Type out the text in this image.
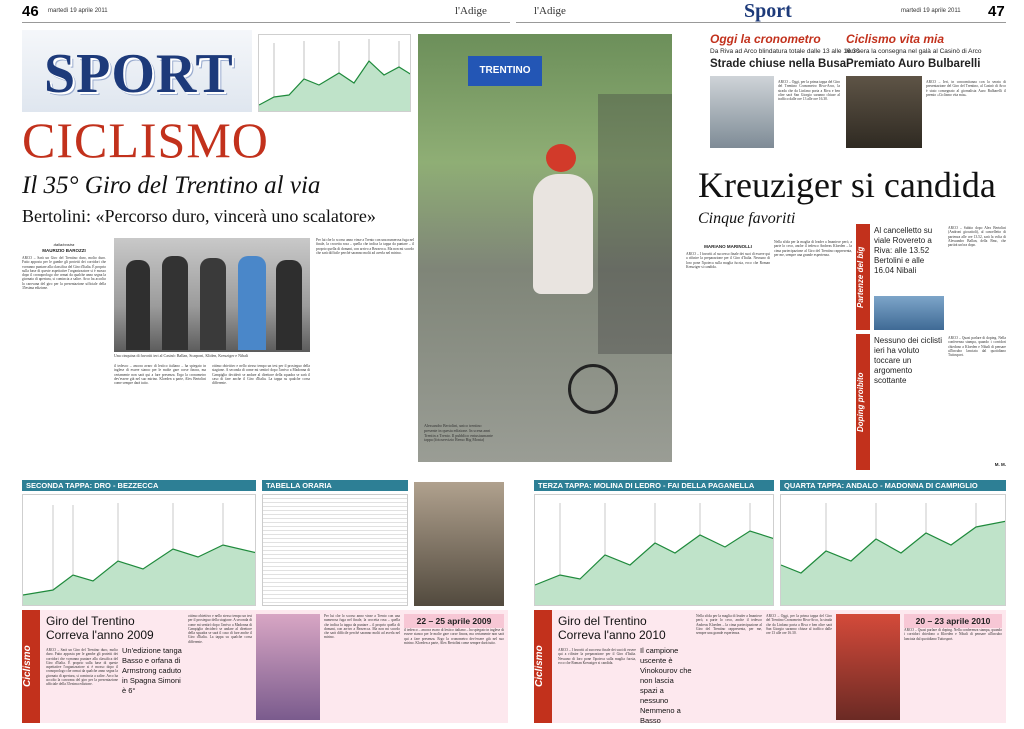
46 martedì 19 aprile 2011	l'Adige
SPORT
CICLISMO
Il 35° Giro del Trentino al via
Bertolini: «Percorso duro, vincerà uno scalatore»
TRENTINO
Alessandro Bertolini, unico trentino presente in questa edizione. In scena anni Trentin a Trento. Il pubblico entusiasmante tappa (fotoservizio Remo Big Monia)
dalla/nostra
MAURIZIO BAROZZI
ARCO – Sarà un Giro del Trentino duro, molto duro. Fatto apposta per le gambe gli protetti dei corridori che vorranno puntare alla classifica del Giro d'Italia. È proprio sulla base di queste aspettative l'organizzatore si è mosso dopo il cronoprologo che ormai da qualche anno segna la giornata di apertura, si comincia a salire. Arco ha accolto la carovana del giro per la presentazione ufficiale della 35esima edizione.
Una cinquina di favoriti ieri al Casinò: Ballan, Scarponi, Kliden, Kreuziger e Nibali
il tedesco – ancora avaro di lesiico italiano – ha spiegato in inglese di essere stanco per le molte gare corse finora, ma certamente non sarà qui a fare presenza. Ergo la cronometro dev'essere già nel suo mirino. Kloeden a parte, Alex Bertolini come sempre darà tutto.
ottimo obiettivo e nello stesso tempo un test per il prosieguo della stagione. A seconda di come mi sentirò dopo l'arrivo a Madonna di Campiglio deciderò se andare al direttore della squadra se sarà il caso di fare anche il Giro d'Italia. La tappa su qualche corsa differente.
Per lui che lo scorso anno vinse a Trento con una numerosa fuga nel finale, la crocetta rosa – quella che indica la tappa da puntare – il proprio quella di domani, con arrivo a Bezzecca. Ma non mi scordo che sarà difficile perché saranno molti ad averla nel mirino.
SECONDA TAPPA: DRO - BEZZECCA	TABELLA ORARIA
Ciclismo
Giro del Trentino Correva l'anno 2009
ARCO – Sarà un Giro del Trentino duro, molto duro. Fatto apposta per le gambe gli protetti dei corridori che vorranno puntare alla classifica del Giro d'Italia. È proprio sulla base di queste aspettative l'organizzatore si è mosso dopo il cronoprologo che ormai da qualche anno segna la giornata di apertura, si comincia a salire. Arco ha accolto la carovana del giro per la presentazione ufficiale della 35esima edizione.
Un'edizione tanga Basso e orfana di Armstrong caduto in Spagna Simoni è 6°
ottimo obiettivo e nello stesso tempo un test per il prosieguo della stagione. A seconda di come mi sentirò dopo l'arrivo a Madonna di Campiglio deciderò se andare al direttore della squadra se sarà il caso di fare anche il Giro d'Italia. La tappa su qualche corsa differente.
Per lui che lo scorso anno vinse a Trento con una numerosa fuga nel finale, la crocetta rosa – quella che indica la tappa da puntare – il proprio quella di domani, con arrivo a Bezzecca. Ma non mi scordo che sarà difficile perché saranno molti ad averla nel mirino.
22 – 25 aprile 2009
il tedesco – ancora avaro di lesiico italiano – ha spiegato in inglese di essere stanco per le molte gare corse finora, ma certamente non sarà qui a fare presenza. Ergo la cronometro dev'essere già nel suo mirino. Kloeden a parte, Alex Bertolini come sempre darà tutto.
l'Adige	Sport	martedì 19 aprile 2011 47
Oggi la cronometro
Da Riva ad Arco blindatura totale dalle 13 alle 16.30
Strade chiuse nella Busa
ARCO – Oggi, per la prima tappa del Giro del Trentino Cronometro Riva-Arco, la strada che da Linfano porta a Riva e ben oltre sarà San Giorgio saranno chiuse al traffico dalle ore 13 alle ore 16.30.
Ciclismo vita mia
Ieri sera la consegna nel galà al Casinò di Arco
Premiato Auro Bulbarelli
ARCO – Ieri, in concomitanza con la serata di presentazione del Giro del Trentino, al Casinò di Arco è stato consegnato al giornalista Auro Bulbarelli il premio «Ciclismo vita mia».
Kreuziger si candida
Cinque favoriti
MARIANO MARINOLLI
ARCO – I favoriti al successo finale dei suoi di essere qui a rifinire la preparazione per il Giro d'Italia. Nessuno di loro pone l'ipoteca sulla maglia fucsia, ecco che Roman Kreuziger si candida.
Nella sfida per la maglia di leader a Imaniece però, a parte lo ceco, anche il tedesco Andreas Kloeden – la cima partecipazione al Giro del Trentino rappresenta, per me, sempre una grande esperienza.	Partenze del big
Al cancelletto su viale Rovereto a Riva: alle 13.52 Bertolini e alle 16.04 Nibali
ARCO – Subito dopo Alex Bertolini (Androni giocattoli), al cancelletto di partenza alle ore 13.52, sarà la volta di Alessandro Ballan, della Bmc, che partirà un'ora dopo.
Doping proibito
Nessuno dei ciclisti ieri ha voluto toccare un argomento scottante
ARCO – Quasi parlare di doping. Nella conferenza stampa, quando i corridori chiedono a Kloeden e Nibali di pensare all'incubo lanciata dal quotidiano Tuttosport.
M. M.
TERZA TAPPA: MOLINA DI LEDRO - FAI DELLA PAGANELLA	QUARTA TAPPA: ANDALO - MADONNA DI CAMPIGLIO
Ciclismo
Giro del Trentino Correva l'anno 2010
ARCO – I favoriti al successo finale dei suoi di essere qui a rifinire la preparazione per il Giro d'Italia. Nessuno di loro pone l'ipoteca sulla maglia fucsia, ecco che Roman Kreuziger si candida.
Il campione uscente è Vinokourov che non lascia spazi a nessuno Nemmeno a Basso
Nella sfida per la maglia di leader a Imaniece però, a parte lo ceco, anche il tedesco Andreas Kloeden – la cima partecipazione al Giro del Trentino rappresenta, per me, sempre una grande esperienza.
ARCO – Oggi, per la prima tappa del Giro del Trentino Cronometro Riva-Arco, la strada che da Linfano porta a Riva e ben oltre sarà San Giorgio saranno chiuse al traffico dalle ore 13 alle ore 16.30.
20 – 23 aprile 2010
ARCO – Quasi parlare di doping. Nella conferenza stampa, quando i corridori chiedono a Kloeden e Nibali di pensare all'incubo lanciata dal quotidiano Tuttosport.
